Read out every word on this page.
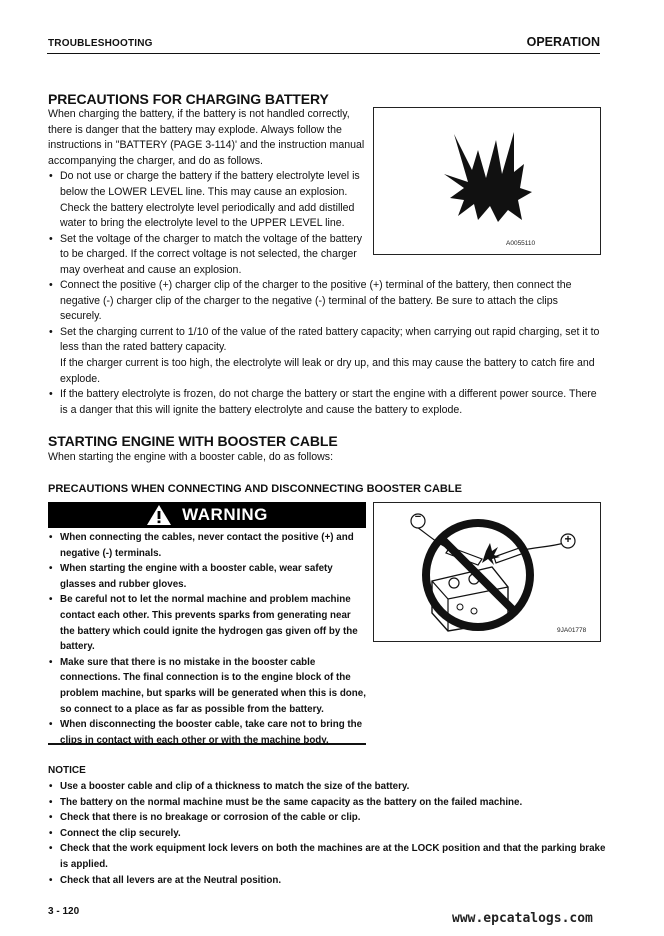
TROUBLESHOOTING	OPERATION
PRECAUTIONS FOR CHARGING BATTERY

When charging the battery, if the battery is not handled correctly, there is danger that the battery may explode. Always follow the instructions in "BATTERY (PAGE 3-114)' and the instruction manual accompanying the charger, and do as follows.

• Do not use or charge the battery if the battery electrolyte level is below the LOWER LEVEL line. This may cause an explosion. Check the battery electrolyte level periodically and add distilled water to bring the electrolyte level to the UPPER LEVEL line.
• Set the voltage of the charger to match the voltage of the battery to be charged. If the correct voltage is not selected, the charger may overheat and cause an explosion.
A0055110
• Connect the positive (+) charger clip of the charger to the positive (+) terminal of the battery, then connect the negative (-) charger clip of the charger to the negative (-) terminal of the battery. Be sure to attach the clips securely.
• Set the charging current to 1/10 of the value of the rated battery capacity; when carrying out rapid charging, set it to less than the rated battery capacity.
If the charger current is too high, the electrolyte will leak or dry up, and this may cause the battery to catch fire and explode.
• If the battery electrolyte is frozen, do not charge the battery or start the engine with a different power source. There is a danger that this will ignite the battery electrolyte and cause the battery to explode.
STARTING ENGINE WITH BOOSTER CABLE
When starting the engine with a booster cable, do as follows:
PRECAUTIONS WHEN CONNECTING AND DISCONNECTING BOOSTER CABLE
WARNING
• When connecting the cables, never contact the positive (+) and negative (-) terminals.
• When starting the engine with a booster cable, wear safety glasses and rubber gloves.
• Be careful not to let the normal machine and problem machine contact each other. This prevents sparks from generating near the battery which could ignite the hydrogen gas given off by the battery.
• Make sure that there is no mistake in the booster cable connections. The final connection is to the engine block of the problem machine, but sparks will be generated when this is done, so connect to a place as far as possible from the battery.
• When disconnecting the booster cable, take care not to bring the clips in contact with each other or with the machine body.
−
+
9JA01778
NOTICE
• Use a booster cable and clip of a thickness to match the size of the battery.
• The battery on the normal machine must be the same capacity as the battery on the failed machine.
• Check that there is no breakage or corrosion of the cable or clip.
• Connect the clip securely.
• Check that the work equipment lock levers on both the machines are at the LOCK position and that the parking brake is applied.
• Check that all levers are at the Neutral position.
3 - 120	www.epcatalogs.com
